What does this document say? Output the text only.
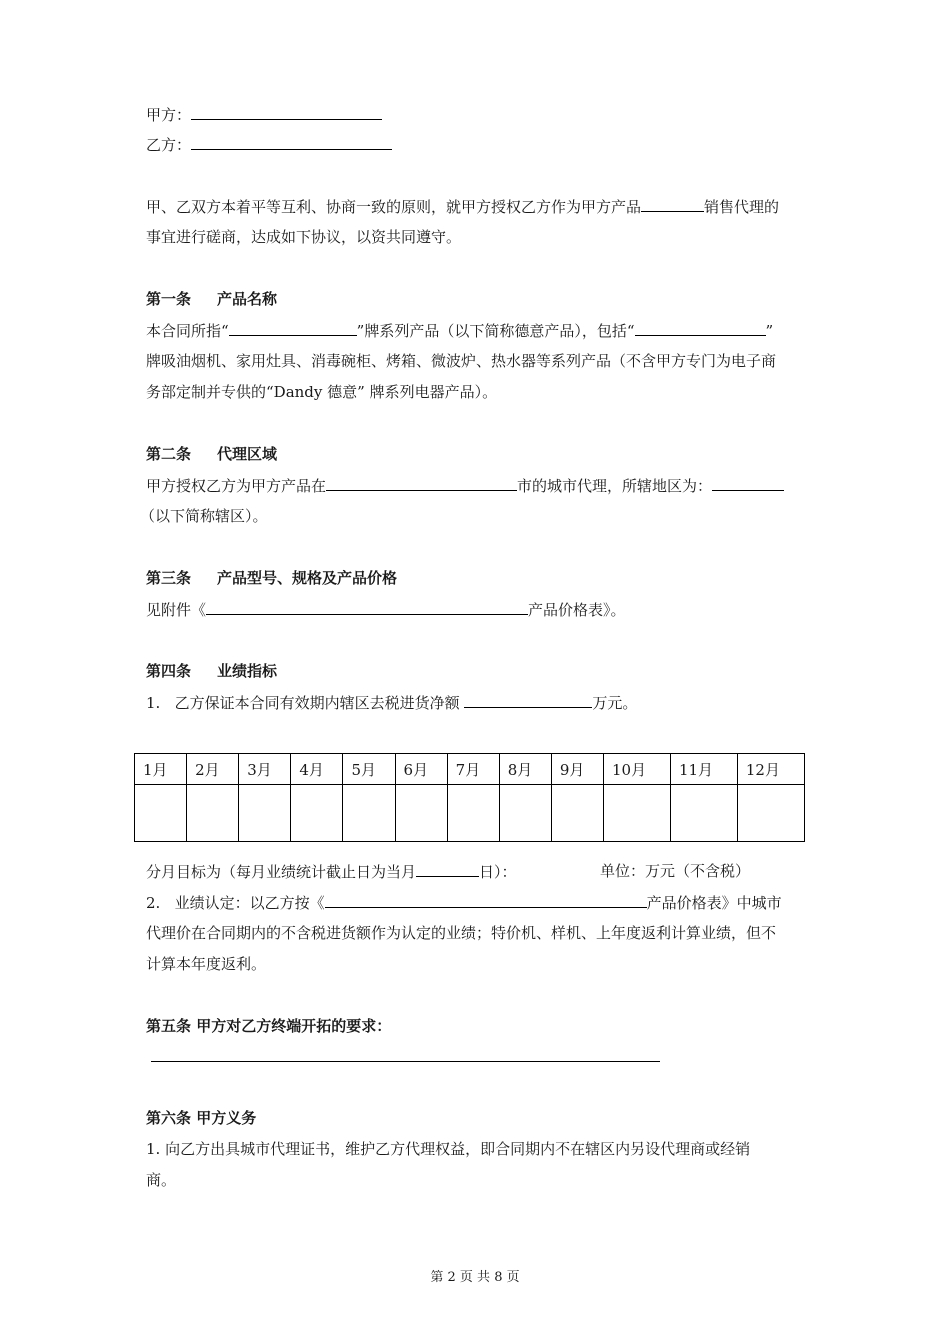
甲方：
乙方：
甲、乙双方本着平等互利、协商一致的原则，就甲方授权乙方作为甲方产品	销售代理的
事宜进行磋商，达成如下协议，以资共同遵守。
第一条 产品名称
本合同所指“	”牌系列产品（以下简称德意产品），包括“	”
牌吸油烟机、家用灶具、消毒碗柜、烤箱、微波炉、热水器等系列产品（不含甲方专门为电子商
务部定制并专供的“Dandy 德意” 牌系列电器产品）。
第二条 代理区域
甲方授权乙方为甲方产品在	市的城市代理，所辖地区为：
（以下简称辖区）。
第三条 产品型号、规格及产品价格
见附件《	产品价格表》。
第四条 业绩指标
1.   乙方保证本合同有效期内辖区去税进货净额	万元。
1月	2月	3月	4月	5月	6月	7月	8月	9月	10月	11月	12月

分月目标为（每月业绩统计截止日为当月	日）：	单位：万元（不含税）
2.   业绩认定：以乙方按《	产品价格表》中城市
代理价在合同期内的不含税进货额作为认定的业绩；特价机、样机、上年度返利计算业绩，但不
计算本年度返利。
第五条 甲方对乙方终端开拓的要求：
第六条 甲方义务
1. 向乙方出具城市代理证书，维护乙方代理权益，即合同期内不在辖区内另设代理商或经销
商。
第 2 页 共 8 页
